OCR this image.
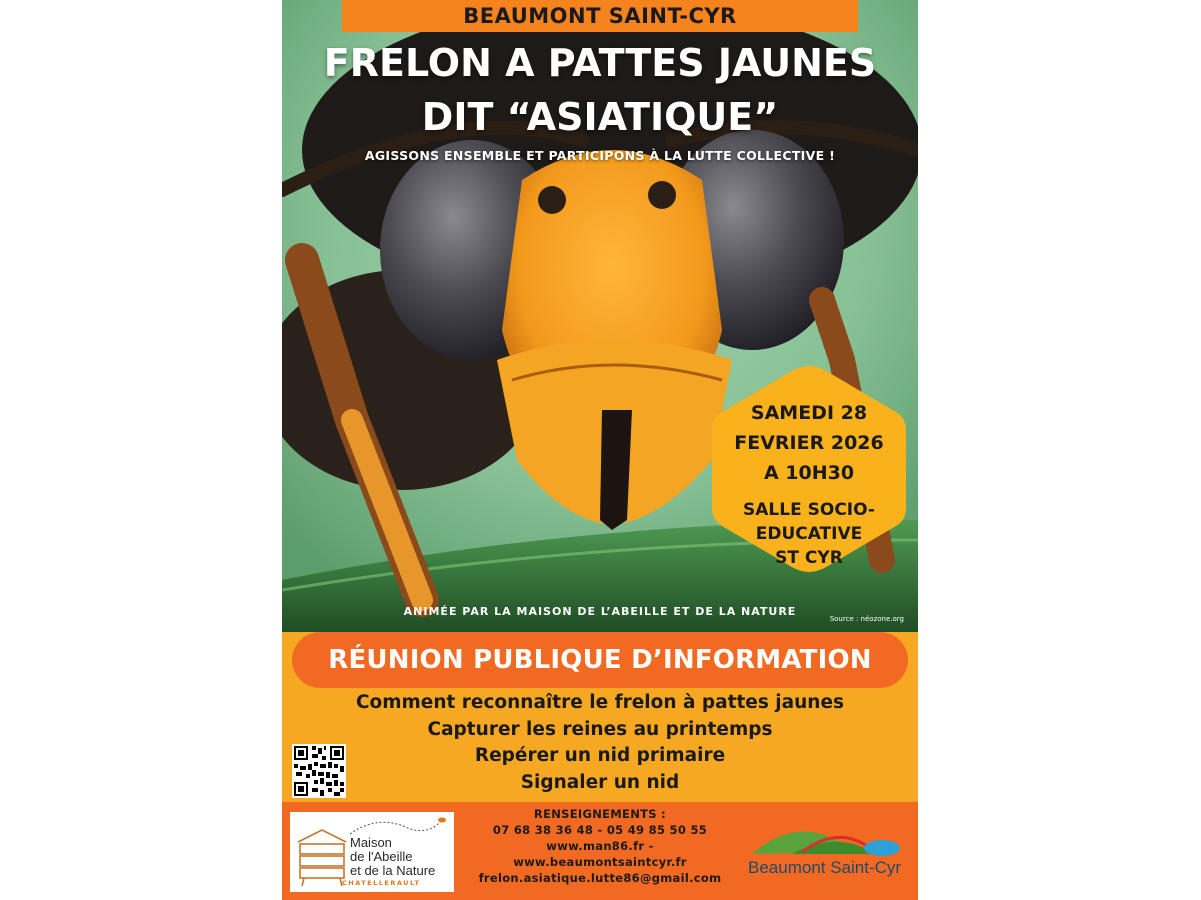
BEAUMONT SAINT-CYR
FRELON A PATTES JAUNES
DIT “ASIATIQUE”
AGISSONS ENSEMBLE ET PARTICIPONS À LA LUTTE COLLECTIVE !
SAMEDI 28
FEVRIER 2026
A 10H30
SALLE SOCIO-
EDUCATIVE
ST CYR
ANIMÉE PAR LA MAISON DE L’ABEILLE ET DE LA NATURE
Source : néozone.org
RÉUNION PUBLIQUE D’INFORMATION
Comment reconnaître le frelon à pattes jaunes
Capturer les reines au printemps
Repérer un nid primaire
Signaler un nid
Maison
de l'Abeille
et de la Nature
CHATELLERAULT
RENSEIGNEMENTS :
07 68 38 36 48 - 05 49 85 50 55
www.man86.fr -
www.beaumontsaintcyr.fr
frelon.asiatique.lutte86@gmail.com
Beaumont Saint-Cyr
